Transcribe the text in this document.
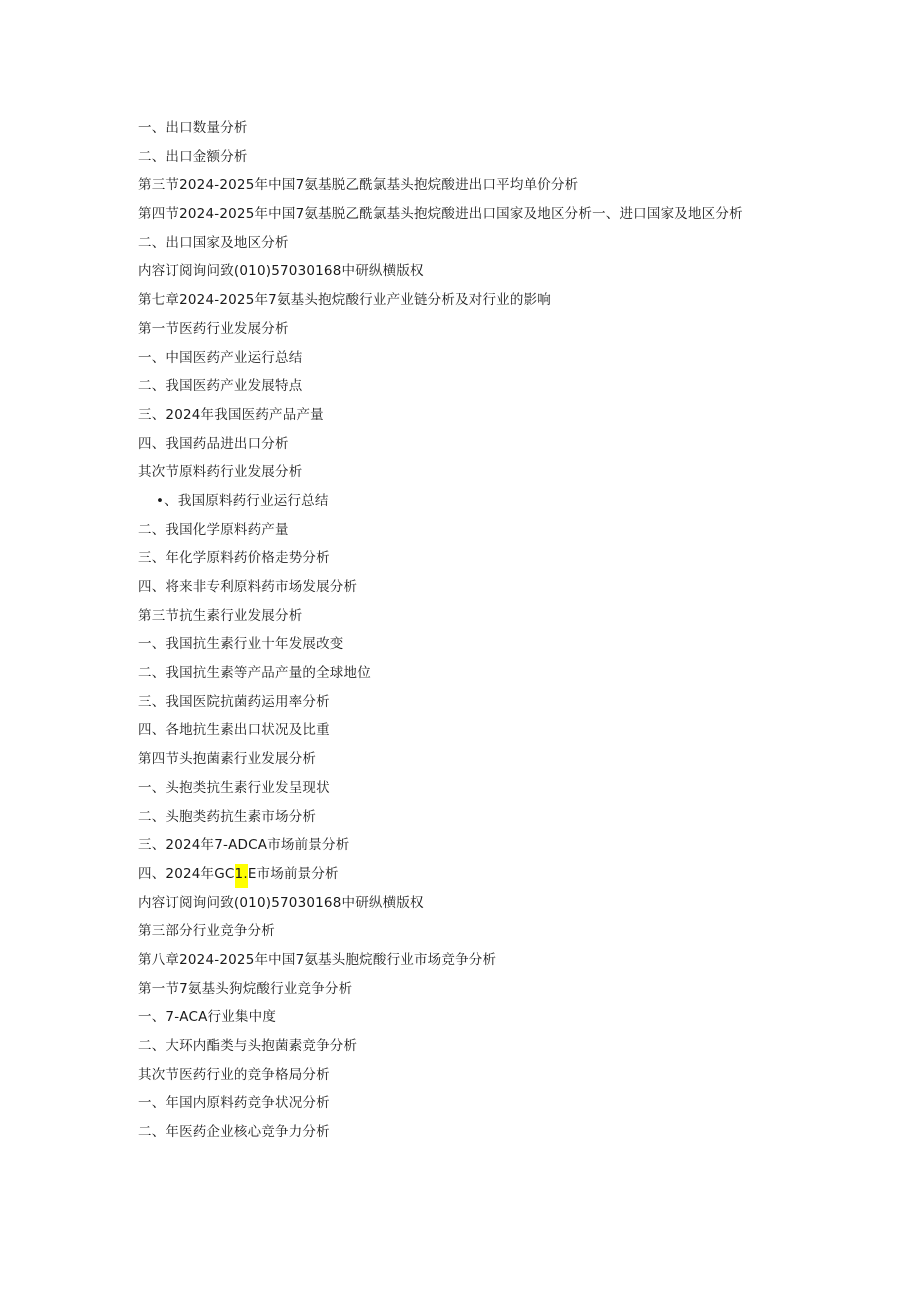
一、出口数量分析
二、出口金额分析
第三节2024-2025年中国7氨基脱乙酰氯基头抱烷酸进出口平均单价分析
第四节2024-2025年中国7氨基脱乙酰氯基头抱烷酸进出口国家及地区分析一、进口国家及地区分析
二、出口国家及地区分析
内容订阅询问致(010)57030168中研纵横版权
第七章2024-2025年7氨基头抱烷酸行业产业链分析及对行业的影响
第一节医药行业发展分析
一、中国医药产业运行总结
二、我国医药产业发展特点
三、2024年我国医药产品产量
四、我国药品进出口分析
其次节原料药行业发展分析
•、我国原料药行业运行总结
二、我国化学原料药产量
三、年化学原料药价格走势分析
四、将来非专利原料药市场发展分析
第三节抗生素行业发展分析
一、我国抗生素行业十年发展改变
二、我国抗生素等产品产量的全球地位
三、我国医院抗菌药运用率分析
四、各地抗生素出口状况及比重
第四节头抱菌素行业发展分析
一、头抱类抗生素行业发呈现状
二、头胞类药抗生素市场分析
三、2024年7-ADCA市场前景分析
四、2024年GC1.E市场前景分析
内容订阅询问致(010)57030168中研纵横版权
第三部分行业竞争分析
第八章2024-2025年中国7氨基头胞烷酸行业市场竞争分析
第一节7氨基头狗烷酸行业竞争分析
一、7-ACA行业集中度
二、大环内酯类与头抱菌素竞争分析
其次节医药行业的竞争格局分析
一、年国内原料药竞争状况分析
二、年医药企业核心竞争力分析
